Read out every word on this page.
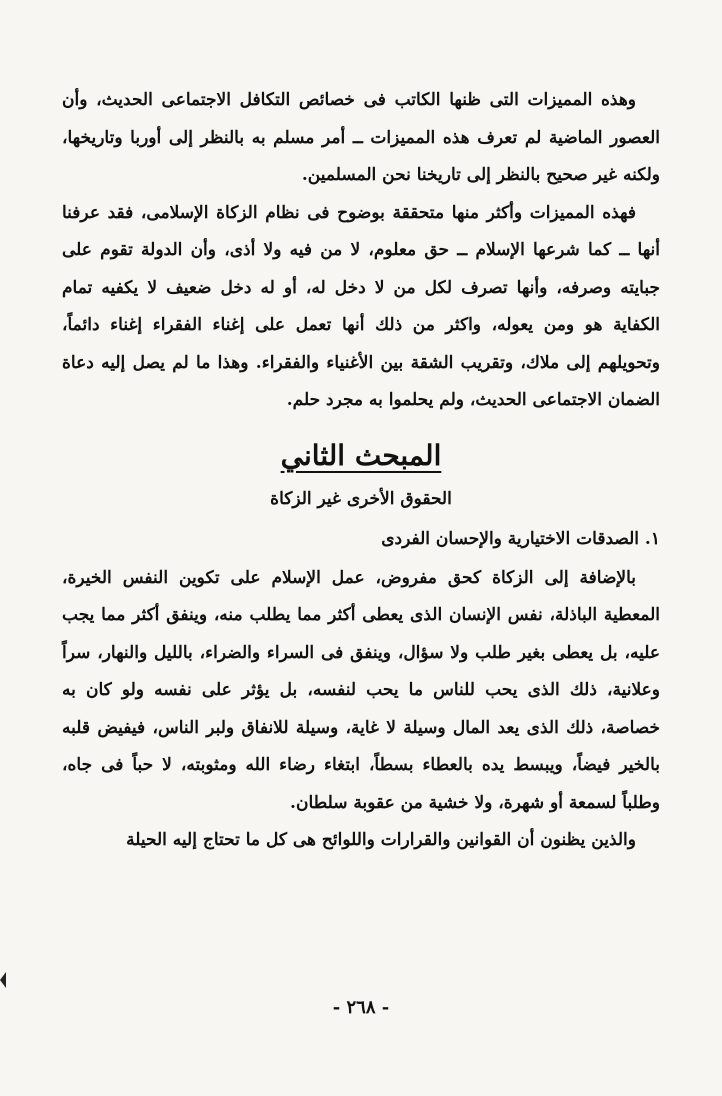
وهذه المميزات التى ظنها الكاتب فى خصائص التكافل الاجتماعى الحديث، وأن العصور الماضية لم تعرف هذه المميزات ــ أمر مسلم به بالنظر إلى أوربا وتاريخها، ولكنه غير صحيح بالنظر إلى تاريخنا نحن المسلمين.

فهذه المميزات وأكثر منها متحققة بوضوح فى نظام الزكاة الإسلامى، فقد عرفنا أنها ــ كما شرعها الإسلام ــ حق معلوم، لا من فيه ولا أذى، وأن الدولة تقوم على جبايته وصرفه، وأنها تصرف لكل من لا دخل له، أو له دخل ضعيف لا يكفيه تمام الكفاية هو ومن يعوله، واكثر من ذلك أنها تعمل على إغناء الفقراء إغناء دائماً، وتحويلهم إلى ملاك، وتقريب الشقة بين الأغنياء والفقراء. وهذا ما لم يصل إليه دعاة الضمان الاجتماعى الحديث، ولم يحلموا به مجرد حلم.

المبحث الثاني
الحقوق الأخرى غير الزكاة
١. الصدقات الاختيارية والإحسان الفردى

بالإضافة إلى الزكاة كحق مفروض، عمل الإسلام على تكوين النفس الخيرة، المعطية الباذلة، نفس الإنسان الذى يعطى أكثر مما يطلب منه، وينفق أكثر مما يجب عليه، بل يعطى بغير طلب ولا سؤال، وينفق فى السراء والضراء، بالليل والنهار، سراً وعلانية، ذلك الذى يحب للناس ما يحب لنفسه، بل يؤثر على نفسه ولو كان به خصاصة، ذلك الذى يعد المال وسيلة لا غاية، وسيلة للانفاق ولبر الناس، فيفيض قلبه بالخير فيضاً، ويبسط يده بالعطاء بسطاً، ابتغاء رضاء الله ومثوبته، لا حباً فى جاه، وطلباً لسمعة أو شهرة، ولا خشية من عقوبة سلطان.

والذين يظنون أن القوانين والقرارات واللوائح هى كل ما تحتاج إليه الحيلة

- ٢٦٨ -
